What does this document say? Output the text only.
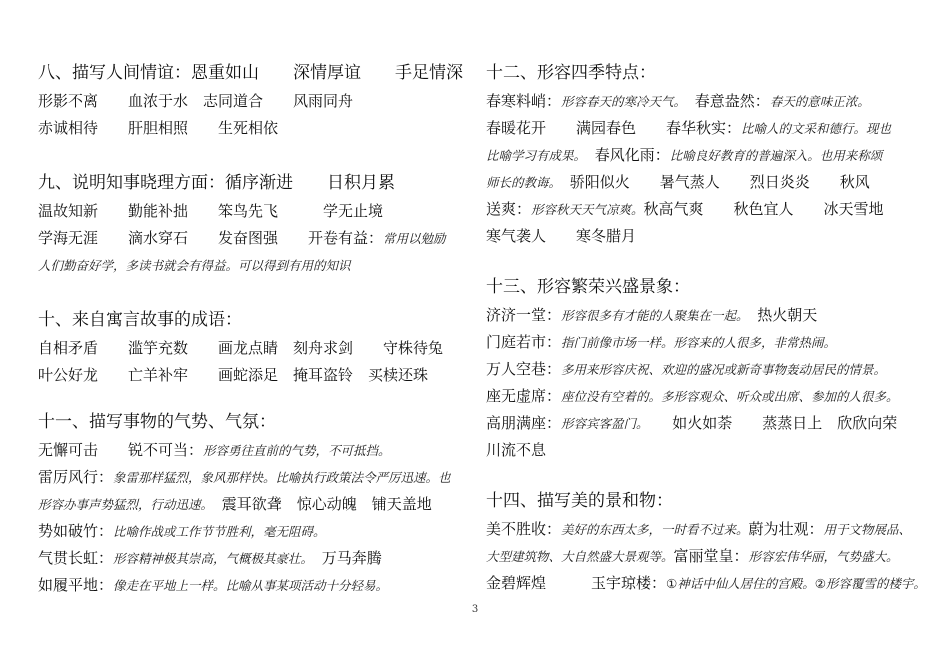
八、描写人间情谊：恩重如山　　深情厚谊　　手足情深
形影不离　　血浓于水　志同道合　　风雨同舟
赤诚相待　　肝胆相照　　生死相依
九、说明知事晓理方面：循序渐进　　日积月累
温故知新　　勤能补拙　　笨鸟先飞　　　学无止境
学海无涯　　滴水穿石　　发奋图强　　开卷有益：常用以勉励
人们勤奋好学，多读书就会有得益。可以得到有用的知识
十、来自寓言故事的成语：
自相矛盾　　滥竽充数　　画龙点睛　刻舟求剑　　守株待兔
叶公好龙　　亡羊补牢　　画蛇添足　掩耳盗铃　买椟还珠
十一、描写事物的气势、气氛：
无懈可击　　锐不可当：形容勇往直前的气势，不可抵挡。
雷厉风行：象雷那样猛烈，象风那样快。比喻执行政策法令严厉迅速。也
形容办事声势猛烈，行动迅速。　震耳欲聋　惊心动魄　铺天盖地
势如破竹：比喻作战或工作节节胜利，毫无阻碍。
气贯长虹：形容精神极其崇高，气概极其豪壮。　万马奔腾
如履平地：像走在平地上一样。比喻从事某项活动十分轻易。
十二、形容四季特点：
春寒料峭：形容春天的寒冷天气。　春意盎然：春天的意味正浓。
春暖花开　　满园春色　　春华秋实：比喻人的文采和德行。现也
比喻学习有成果。　春风化雨：比喻良好教育的普遍深入。也用来称颂
师长的教诲。　骄阳似火　　暑气蒸人　　烈日炎炎　　秋风
送爽：形容秋天天气凉爽。秋高气爽　　秋色宜人　　冰天雪地
寒气袭人　　寒冬腊月
十三、形容繁荣兴盛景象：
济济一堂：形容很多有才能的人聚集在一起。　热火朝天
门庭若市：指门前像市场一样。形容来的人很多，非常热闹。
万人空巷：多用来形容庆祝、欢迎的盛况或新奇事物轰动居民的情景。
座无虚席：座位没有空着的。多形容观众、听众或出席、参加的人很多。
高朋满座：形容宾客盈门。　　如火如荼　　蒸蒸日上　欣欣向荣
川流不息
十四、描写美的景和物：
美不胜收：美好的东西太多，一时看不过来。蔚为壮观：用于文物展品、
大型建筑物、大自然盛大景观等。富丽堂皇：形容宏伟华丽，气势盛大。
金碧辉煌　　　玉宇琼楼：①神话中仙人居住的宫殿。②形容覆雪的楼宇。
3
